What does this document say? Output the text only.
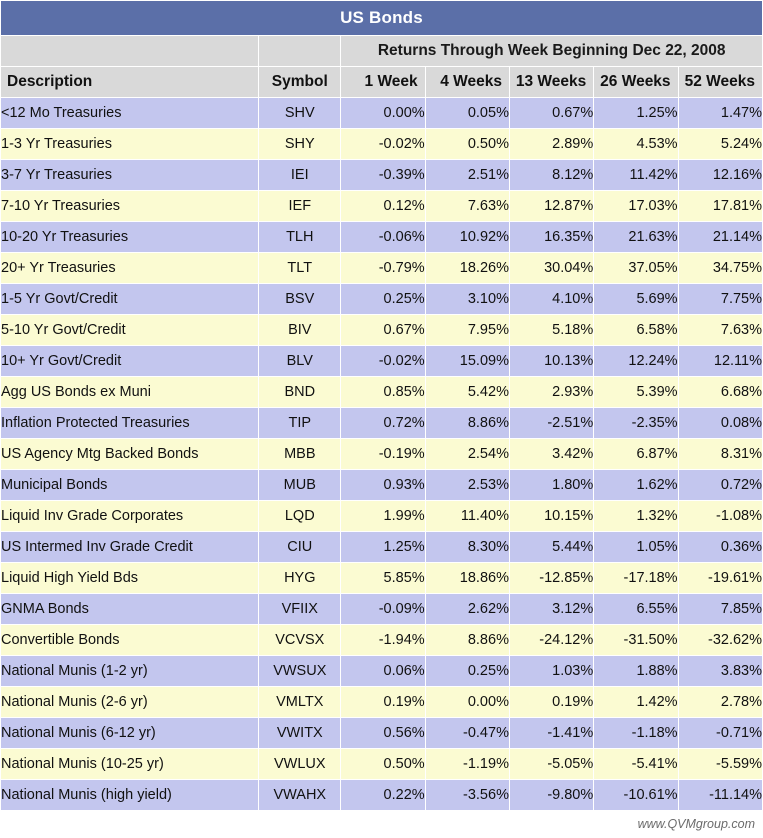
US Bonds						
		Returns Through Week Beginning Dec 22, 2008				
Description	Symbol	1 Week	4 Weeks	13 Weeks	26 Weeks	52 Weeks
<12 Mo Treasuries	SHV	0.00%	0.05%	0.67%	1.25%	1.47%
1-3 Yr Treasuries	SHY	-0.02%	0.50%	2.89%	4.53%	5.24%
3-7 Yr Treasuries	IEI	-0.39%	2.51%	8.12%	11.42%	12.16%
7-10 Yr Treasuries	IEF	0.12%	7.63%	12.87%	17.03%	17.81%
10-20 Yr Treasuries	TLH	-0.06%	10.92%	16.35%	21.63%	21.14%
20+ Yr Treasuries	TLT	-0.79%	18.26%	30.04%	37.05%	34.75%
1-5 Yr Govt/Credit	BSV	0.25%	3.10%	4.10%	5.69%	7.75%
5-10 Yr Govt/Credit	BIV	0.67%	7.95%	5.18%	6.58%	7.63%
10+ Yr Govt/Credit	BLV	-0.02%	15.09%	10.13%	12.24%	12.11%
Agg US Bonds ex Muni	BND	0.85%	5.42%	2.93%	5.39%	6.68%
Inflation Protected Treasuries	TIP	0.72%	8.86%	-2.51%	-2.35%	0.08%
US Agency Mtg Backed Bonds	MBB	-0.19%	2.54%	3.42%	6.87%	8.31%
Municipal Bonds	MUB	0.93%	2.53%	1.80%	1.62%	0.72%
Liquid Inv Grade Corporates	LQD	1.99%	11.40%	10.15%	1.32%	-1.08%
US Intermed Inv Grade Credit	CIU	1.25%	8.30%	5.44%	1.05%	0.36%
Liquid High Yield Bds	HYG	5.85%	18.86%	-12.85%	-17.18%	-19.61%
GNMA Bonds	VFIIX	-0.09%	2.62%	3.12%	6.55%	7.85%
Convertible Bonds	VCVSX	-1.94%	8.86%	-24.12%	-31.50%	-32.62%
National Munis (1-2 yr)	VWSUX	0.06%	0.25%	1.03%	1.88%	3.83%
National Munis (2-6 yr)	VMLTX	0.19%	0.00%	0.19%	1.42%	2.78%
National Munis (6-12 yr)	VWITX	0.56%	-0.47%	-1.41%	-1.18%	-0.71%
National Munis (10-25 yr)	VWLUX	0.50%	-1.19%	-5.05%	-5.41%	-5.59%
National Munis (high yield)	VWAHX	0.22%	-3.56%	-9.80%	-10.61%	-11.14%
www.QVMgroup.com
